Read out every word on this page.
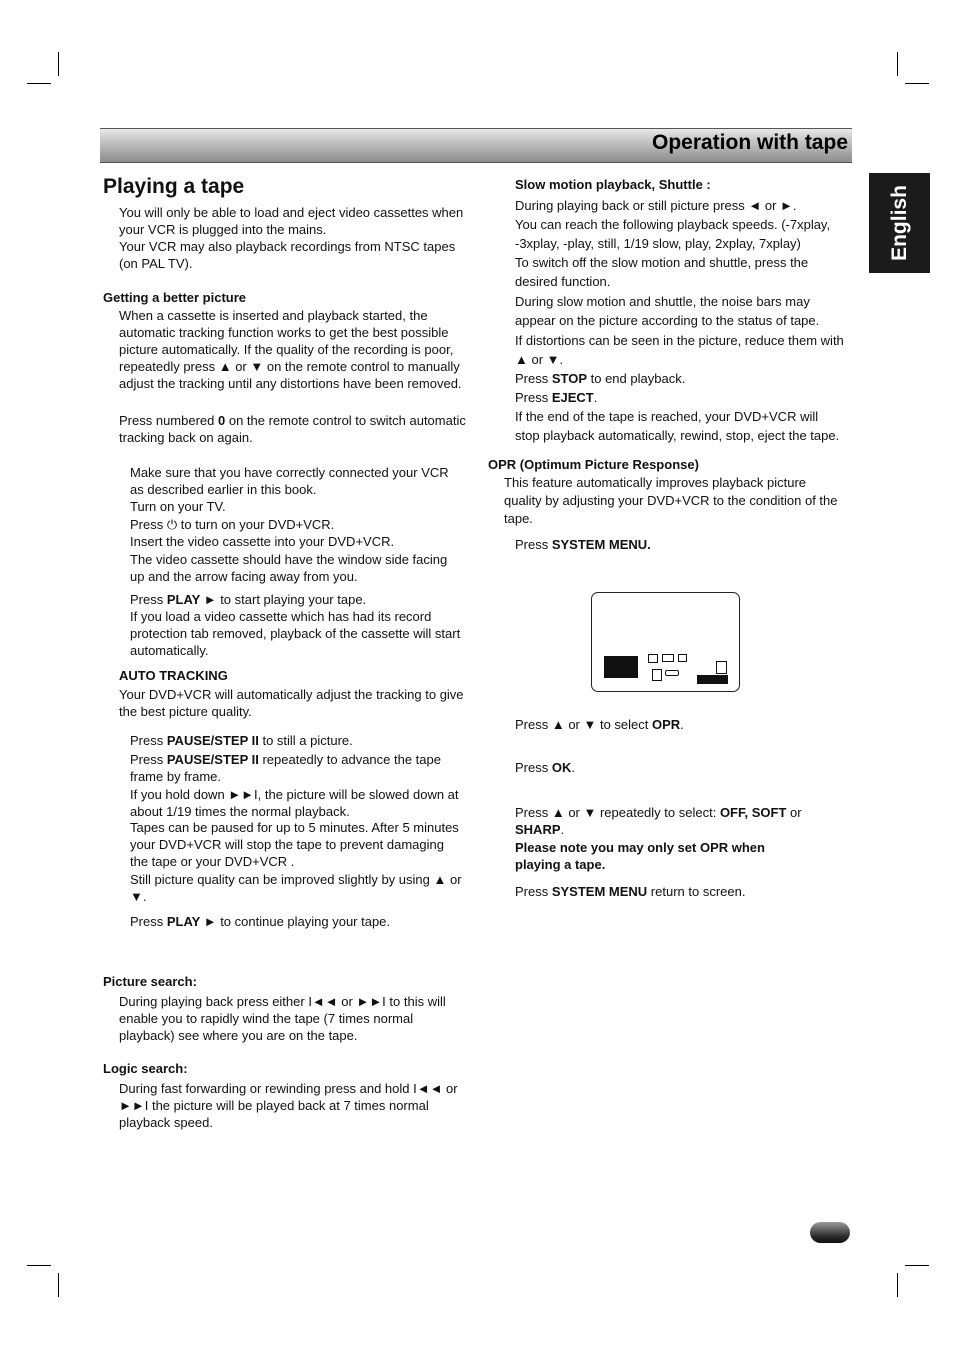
Operation with tape
English
Playing a tape

You will only be able to load and eject video cassettes when your VCR is plugged into the mains.

Your VCR may also playback recordings from NTSC tapes (on PAL TV).

Getting a better picture

When a cassette is inserted and playback started, the automatic tracking function works to get the best possible picture automatically. If the quality of the recording is poor, repeatedly press ▲ or ▼ on the remote control to manually adjust the tracking until any distortions have been removed.

Press numbered 0 on the remote control to switch automatic tracking back on again.

Make sure that you have correctly connected your VCR as described earlier in this book.

Turn on your TV.

Press ⏻ to turn on your DVD+VCR.

Insert the video cassette into your DVD+VCR.

The video cassette should have the window side facing up and the arrow facing away from you.

Press PLAY ► to start playing your tape.

If you load a video cassette which has had its record protection tab removed, playback of the cassette will start automatically.

AUTO TRACKING

Your DVD+VCR will automatically adjust the tracking to give the best picture quality.

Press PAUSE/STEP II to still a picture.

Press PAUSE/STEP II repeatedly to advance the tape frame by frame.

If you hold down ►►I, the picture will be slowed down at about 1/19 times the normal playback.

Tapes can be paused for up to 5 minutes. After 5 minutes your DVD+VCR will stop the tape to prevent damaging the tape or your DVD+VCR .

Still picture quality can be improved slightly by using ▲ or ▼.

Press PLAY ► to continue playing your tape.

Picture search:

During playing back press either I◄◄ or ►►I to this will enable you to rapidly wind the tape (7 times normal playback) see where you are on the tape.

Logic search:

During fast forwarding or rewinding press and hold I◄◄ or ►►I the picture will be played back at 7 times normal playback speed.

Slow motion playback, Shuttle :

During playing back or still picture press ◄ or ►.

You can reach the following playback speeds. (-7xplay, -3xplay, -play, still, 1/19 slow, play, 2xplay, 7xplay)

To switch off the slow motion and shuttle, press the desired function.

During slow motion and shuttle, the noise bars may appear on the picture according to the status of tape.

If distortions can be seen in the picture, reduce them with ▲ or ▼.

Press STOP to end playback.

Press EJECT.

If the end of the tape is reached, your DVD+VCR will stop playback automatically, rewind, stop, eject the tape.

OPR (Optimum Picture Response)

This feature automatically improves playback picture quality by adjusting your DVD+VCR to the condition of the tape.

Press SYSTEM MENU.

Press ▲ or ▼ to select OPR.

Press OK.

Press ▲ or ▼ repeatedly to select: OFF, SOFT or SHARP.

Please note you may only set OPR when playing a tape.

Press SYSTEM MENU return to screen.
